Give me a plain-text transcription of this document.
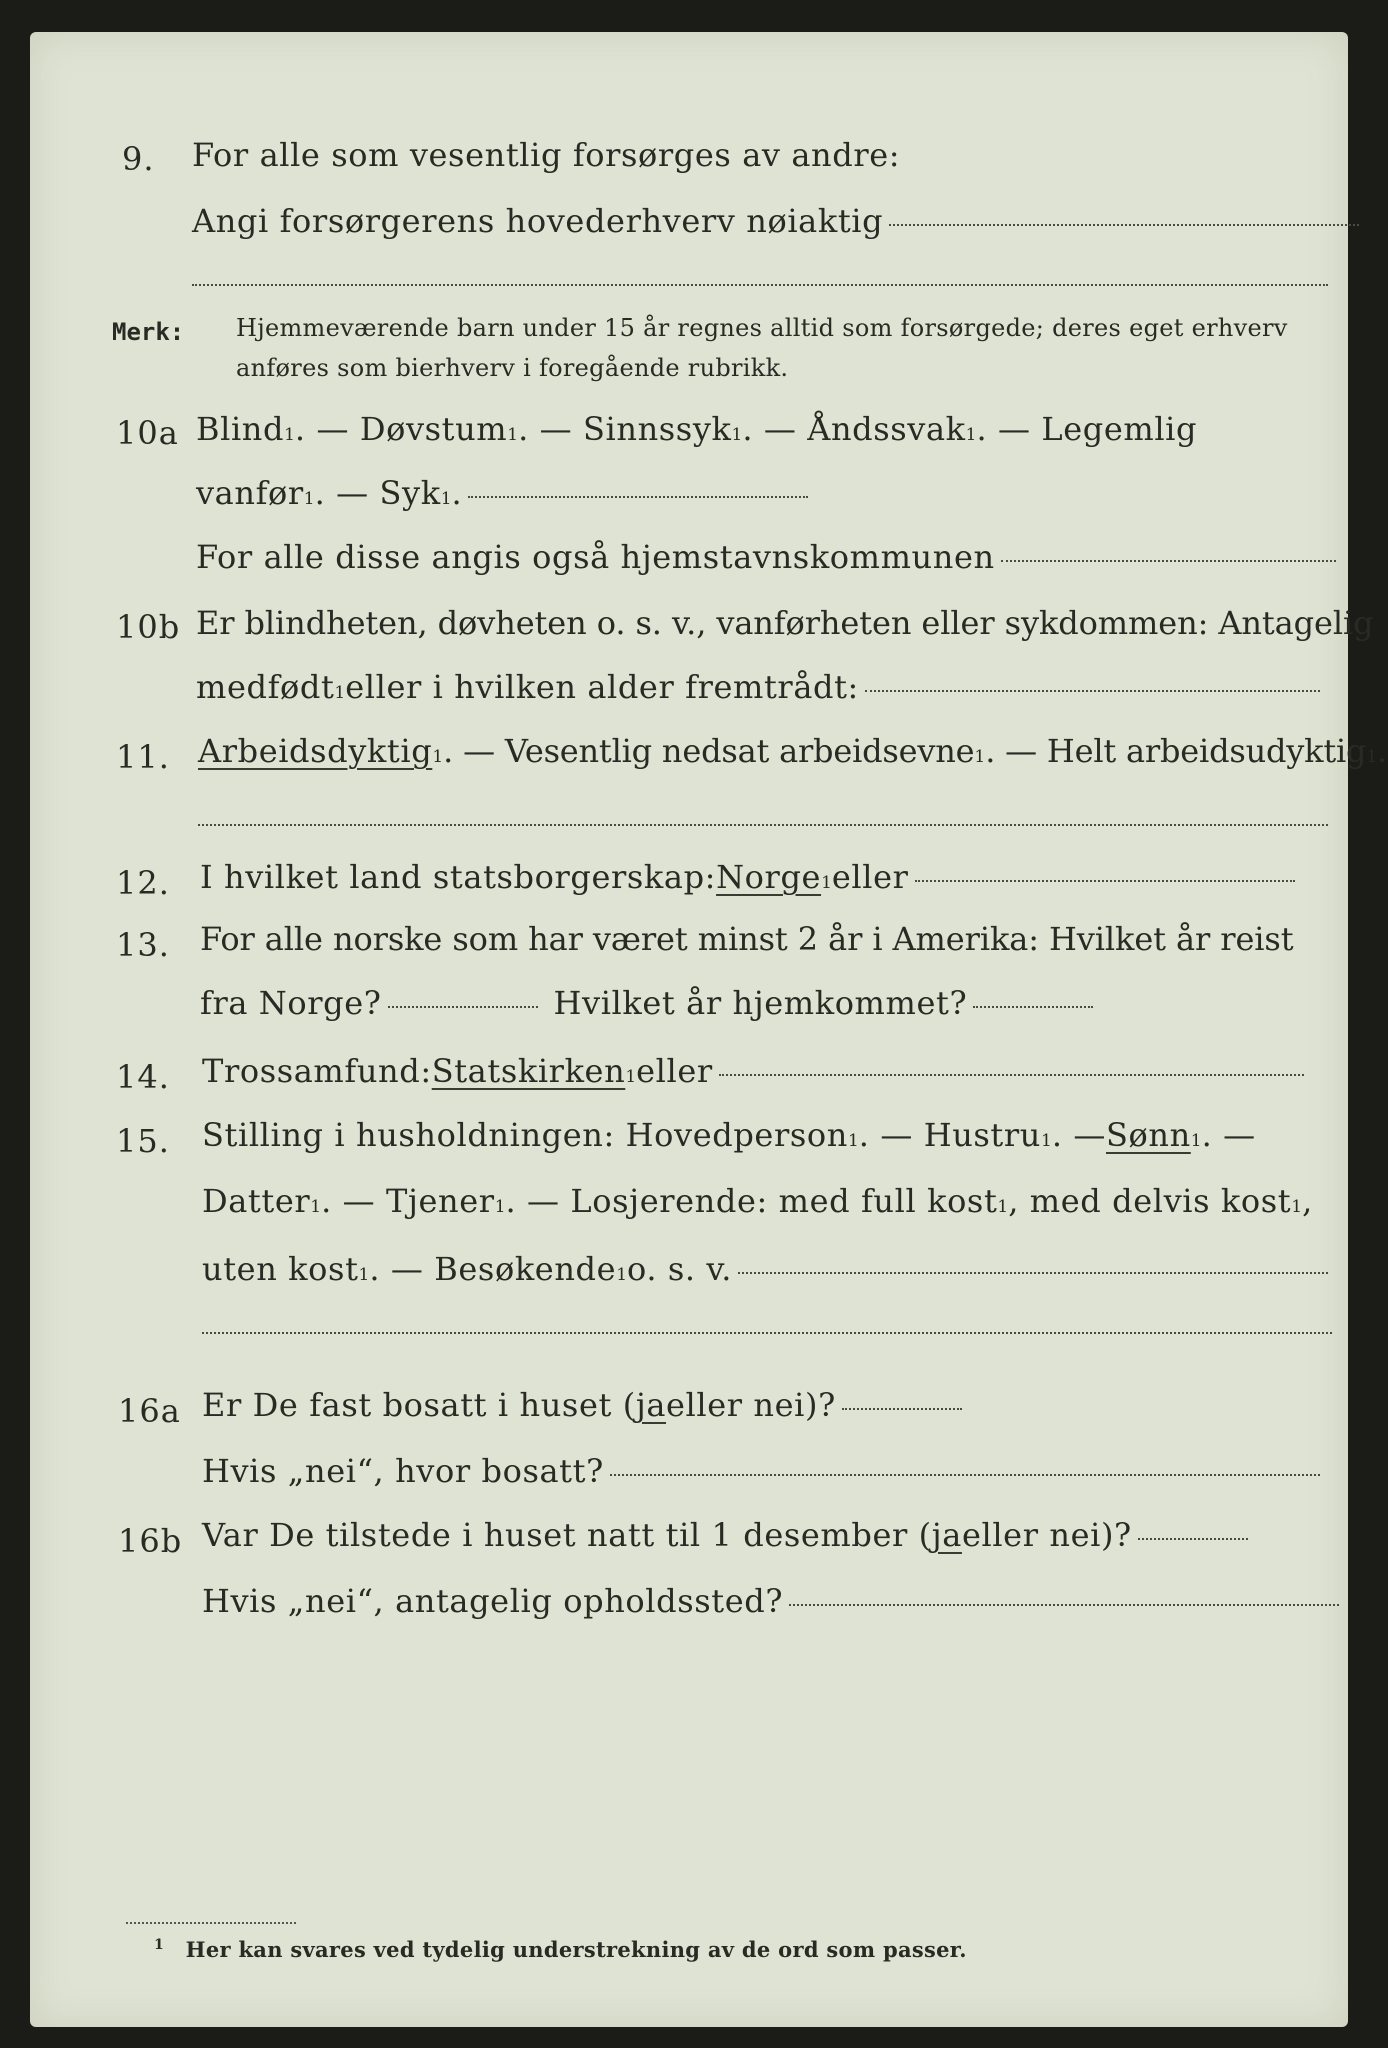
9. For alle som vesentlig forsørges av andre:
Angi forsørgerens hovederhverv nøiaktig
Merk: Hjemmeværende barn under 15 år regnes alltid som forsørgede; deres eget erhverv
anføres som bierhverv i foregående rubrikk.
10a Blind 1 . — Døvstum 1 . — Sinnssyk 1 . — Åndssvak 1 . — Legemlig
vanfør 1 . — Syk 1 .
For alle disse angis også hjemstavnskommunen
10b Er blindheten, døvheten o. s. v., vanførheten eller sykdommen: Antagelig
medfødt 1 eller i hvilken alder fremtrådt:
11. Arbeidsdyktig 1 . — Vesentlig nedsat arbeidsevne 1 . — Helt arbeidsudyktig 1 .
12. I hvilket land statsborgerskap: Norge 1 eller
13. For alle norske som har været minst 2 år i Amerika: Hvilket år reist
fra Norge?	Hvilket år hjemkommet?
14. Trossamfund: Statskirken 1 eller
15. Stilling i husholdningen: Hovedperson 1 . — Hustru 1 . — Sønn 1 . —
Datter 1 . — Tjener 1 . — Losjerende: med full kost 1 , med delvis kost 1 ,
uten kost 1 . — Besøkende 1 o. s. v.
16a Er De fast bosatt i huset ( ja eller nei)?
Hvis „nei“, hvor bosatt?
16b Var De tilstede i huset natt til 1 desember ( ja eller nei)?
Hvis „nei“, antagelig opholdssted?
$^1$ Her kan svares ved tydelig understrekning av de ord som passer.
